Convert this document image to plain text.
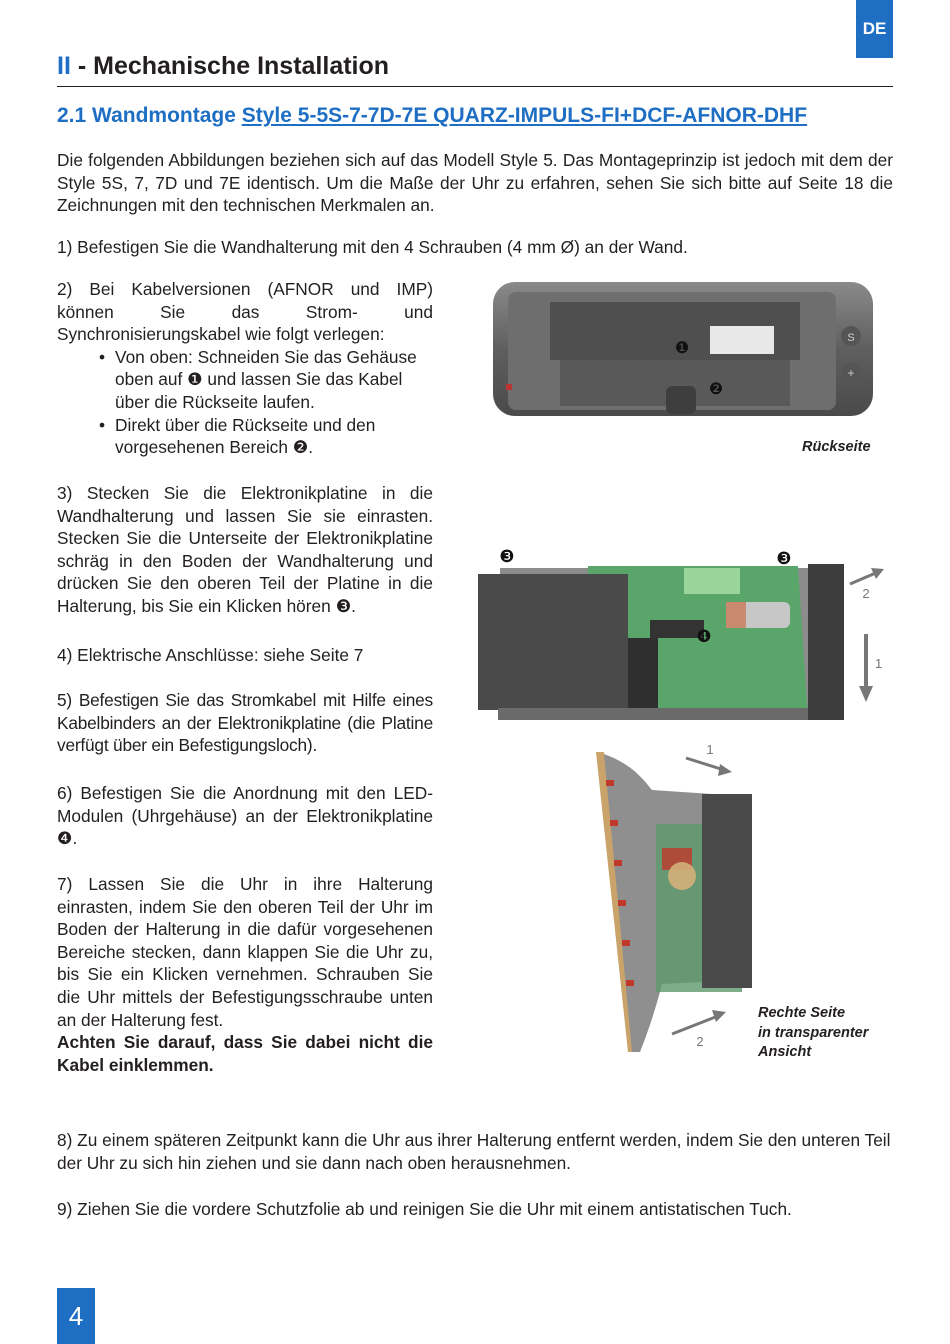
DE
II - Mechanische Installation
2.1 Wandmontage Style 5-5S-7-7D-7E QUARZ-IMPULS-FI+DCF-AFNOR-DHF

Die folgenden Abbildungen beziehen sich auf das Modell Style 5. Das Montageprinzip ist jedoch mit dem der Style 5S, 7, 7D und 7E identisch. Um die Maße der Uhr zu erfahren, sehen Sie sich bitte auf Seite 18 die Zeichnungen mit den technischen Merkmalen an.

1) Befestigen Sie die Wandhalterung mit den 4 Schrauben (4 mm Ø) an der Wand.

2) Bei Kabelversionen (AFNOR und IMP) können Sie das Strom- und Synchronisierungskabel wie folgt verlegen:
• Von oben: Schneiden Sie das Gehäuse oben auf ❶ und lassen Sie das Kabel über die Rückseite laufen.
• Direkt über die Rückseite und den vorgesehenen Bereich ❷.

3) Stecken Sie die Elektronikplatine in die Wandhalterung und lassen Sie sie einrasten. Stecken Sie die Unterseite der Elektronikplatine schräg in den Boden der Wandhalterung und drücken Sie den oberen Teil der Platine in die Halterung, bis Sie ein Klicken hören ❸.

4) Elektrische Anschlüsse: siehe Seite 7

5) Befestigen Sie das Stromkabel mit Hilfe eines Kabelbinders an der Elektronikplatine (die Platine verfügt über ein Befestigungsloch).

6) Befestigen Sie die Anordnung mit den LED-Modulen (Uhrgehäuse) an der Elektronikplatine ❹.

7) Lassen Sie die Uhr in ihre Halterung einrasten, indem Sie den oberen Teil der Uhr im Boden der Halterung in die dafür vorgesehenen Bereiche stecken, dann klappen Sie die Uhr zu, bis Sie ein Klicken vernehmen. Schrauben Sie die Uhr mittels der Befestigungsschraube unten an der Halterung fest.
Achten Sie darauf, dass Sie dabei nicht die Kabel einklemmen.
S
+
❶
❷
Rückseite
❸	❸
❹
2
1
1
2
Rechte Seite
in transparenter
Ansicht

8) Zu einem späteren Zeitpunkt kann die Uhr aus ihrer Halterung entfernt werden, indem Sie den unteren Teil der Uhr zu sich hin ziehen und sie dann nach oben herausnehmen.

9) Ziehen Sie die vordere Schutzfolie ab und reinigen Sie die Uhr mit einem antistatischen Tuch.

4
